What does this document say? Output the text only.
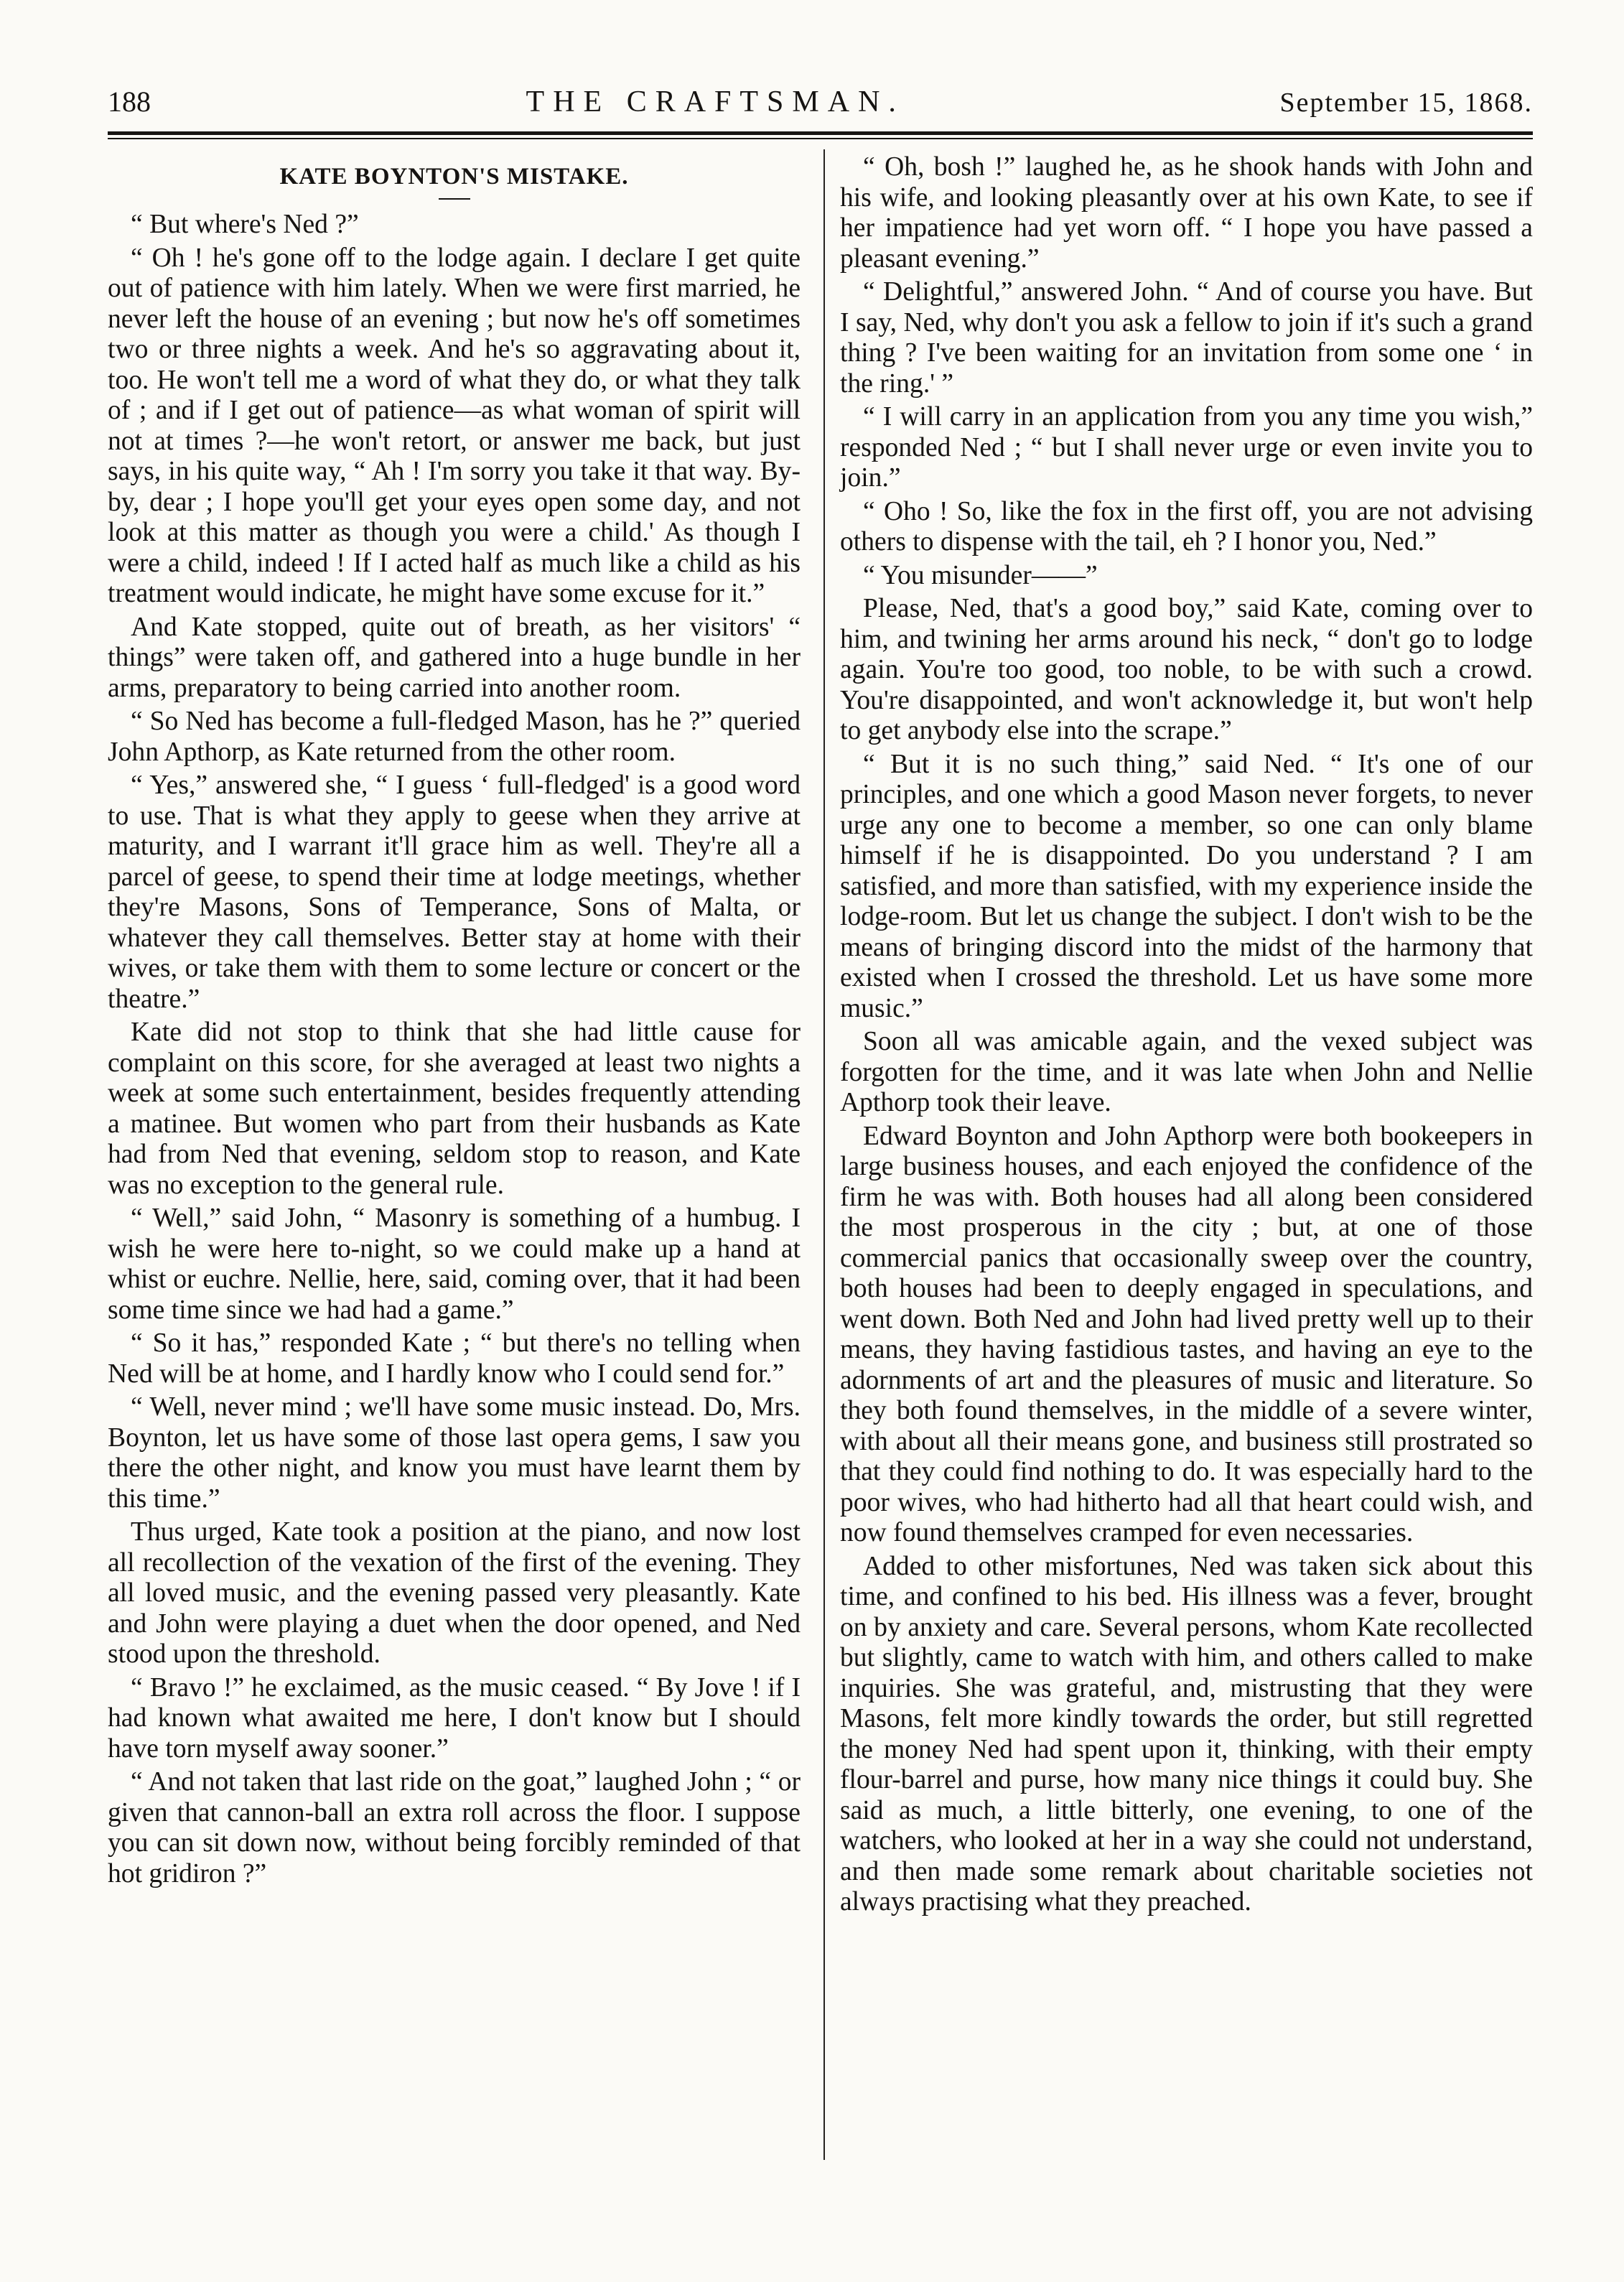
188	THE CRAFTSMAN.	September 15, 1868.
KATE BOYNTON'S MISTAKE.

“ But where's Ned ?”

“ Oh ! he's gone off to the lodge again. I declare I get quite out of patience with him lately. When we were first married, he never left the house of an evening ; but now he's off sometimes two or three nights a week. And he's so aggravating about it, too. He won't tell me a word of what they do, or what they talk of ; and if I get out of patience—as what woman of spirit will not at times ?—he won't retort, or answer me back, but just says, in his quite way, “ Ah ! I'm sorry you take it that way. By-by, dear ; I hope you'll get your eyes open some day, and not look at this matter as though you were a child.' As though I were a child, indeed ! If I acted half as much like a child as his treatment would indicate, he might have some excuse for it.”

And Kate stopped, quite out of breath, as her visitors' “ things” were taken off, and gathered into a huge bundle in her arms, preparatory to being carried into another room.

“ So Ned has become a full-fledged Mason, has he ?” queried John Apthorp, as Kate returned from the other room.

“ Yes,” answered she, “ I guess ‘ full-fledged' is a good word to use. That is what they apply to geese when they arrive at maturity, and I warrant it'll grace him as well. They're all a parcel of geese, to spend their time at lodge meetings, whether they're Masons, Sons of Temperance, Sons of Malta, or whatever they call themselves. Better stay at home with their wives, or take them with them to some lecture or concert or the theatre.”

Kate did not stop to think that she had little cause for complaint on this score, for she averaged at least two nights a week at some such entertainment, besides frequently attending a matinee. But women who part from their husbands as Kate had from Ned that evening, seldom stop to reason, and Kate was no exception to the general rule.

“ Well,” said John, “ Masonry is something of a humbug. I wish he were here to-night, so we could make up a hand at whist or euchre. Nellie, here, said, coming over, that it had been some time since we had had a game.”

“ So it has,” responded Kate ; “ but there's no telling when Ned will be at home, and I hardly know who I could send for.”

“ Well, never mind ; we'll have some music instead. Do, Mrs. Boynton, let us have some of those last opera gems, I saw you there the other night, and know you must have learnt them by this time.”

Thus urged, Kate took a position at the piano, and now lost all recollection of the vexation of the first of the evening. They all loved music, and the evening passed very pleasantly. Kate and John were playing a duet when the door opened, and Ned stood upon the threshold.

“ Bravo !” he exclaimed, as the music ceased. “ By Jove ! if I had known what awaited me here, I don't know but I should have torn myself away sooner.”

“ And not taken that last ride on the goat,” laughed John ; “ or given that cannon-ball an extra roll across the floor. I suppose you can sit down now, without being forcibly reminded of that hot gridiron ?”

“ Oh, bosh !” laughed he, as he shook hands with John and his wife, and looking pleasantly over at his own Kate, to see if her impatience had yet worn off. “ I hope you have passed a pleasant evening.”

“ Delightful,” answered John. “ And of course you have. But I say, Ned, why don't you ask a fellow to join if it's such a grand thing ? I've been waiting for an invitation from some one ‘ in the ring.' ”

“ I will carry in an application from you any time you wish,” responded Ned ; “ but I shall never urge or even invite you to join.”

“ Oho ! So, like the fox in the first off, you are not advising others to dispense with the tail, eh ? I honor you, Ned.”

“ You misunder——”

Please, Ned, that's a good boy,” said Kate, coming over to him, and twining her arms around his neck, “ don't go to lodge again. You're too good, too noble, to be with such a crowd. You're disappointed, and won't acknowledge it, but won't help to get anybody else into the scrape.”

“ But it is no such thing,” said Ned. “ It's one of our principles, and one which a good Mason never forgets, to never urge any one to become a member, so one can only blame himself if he is disappointed. Do you understand ? I am satisfied, and more than satisfied, with my experience inside the lodge-room. But let us change the subject. I don't wish to be the means of bringing discord into the midst of the harmony that existed when I crossed the threshold. Let us have some more music.”

Soon all was amicable again, and the vexed subject was forgotten for the time, and it was late when John and Nellie Apthorp took their leave.

Edward Boynton and John Apthorp were both bookeepers in large business houses, and each enjoyed the confidence of the firm he was with. Both houses had all along been considered the most prosperous in the city ; but, at one of those commercial panics that occasionally sweep over the country, both houses had been to deeply engaged in speculations, and went down. Both Ned and John had lived pretty well up to their means, they having fastidious tastes, and having an eye to the adornments of art and the pleasures of music and literature. So they both found themselves, in the middle of a severe winter, with about all their means gone, and business still prostrated so that they could find nothing to do. It was especially hard to the poor wives, who had hitherto had all that heart could wish, and now found themselves cramped for even necessaries.

Added to other misfortunes, Ned was taken sick about this time, and confined to his bed. His illness was a fever, brought on by anxiety and care. Several persons, whom Kate recollected but slightly, came to watch with him, and others called to make inquiries. She was grateful, and, mistrusting that they were Masons, felt more kindly towards the order, but still regretted the money Ned had spent upon it, thinking, with their empty flour-barrel and purse, how many nice things it could buy. She said as much, a little bitterly, one evening, to one of the watchers, who looked at her in a way she could not understand, and then made some remark about charitable societies not always practising what they preached.
